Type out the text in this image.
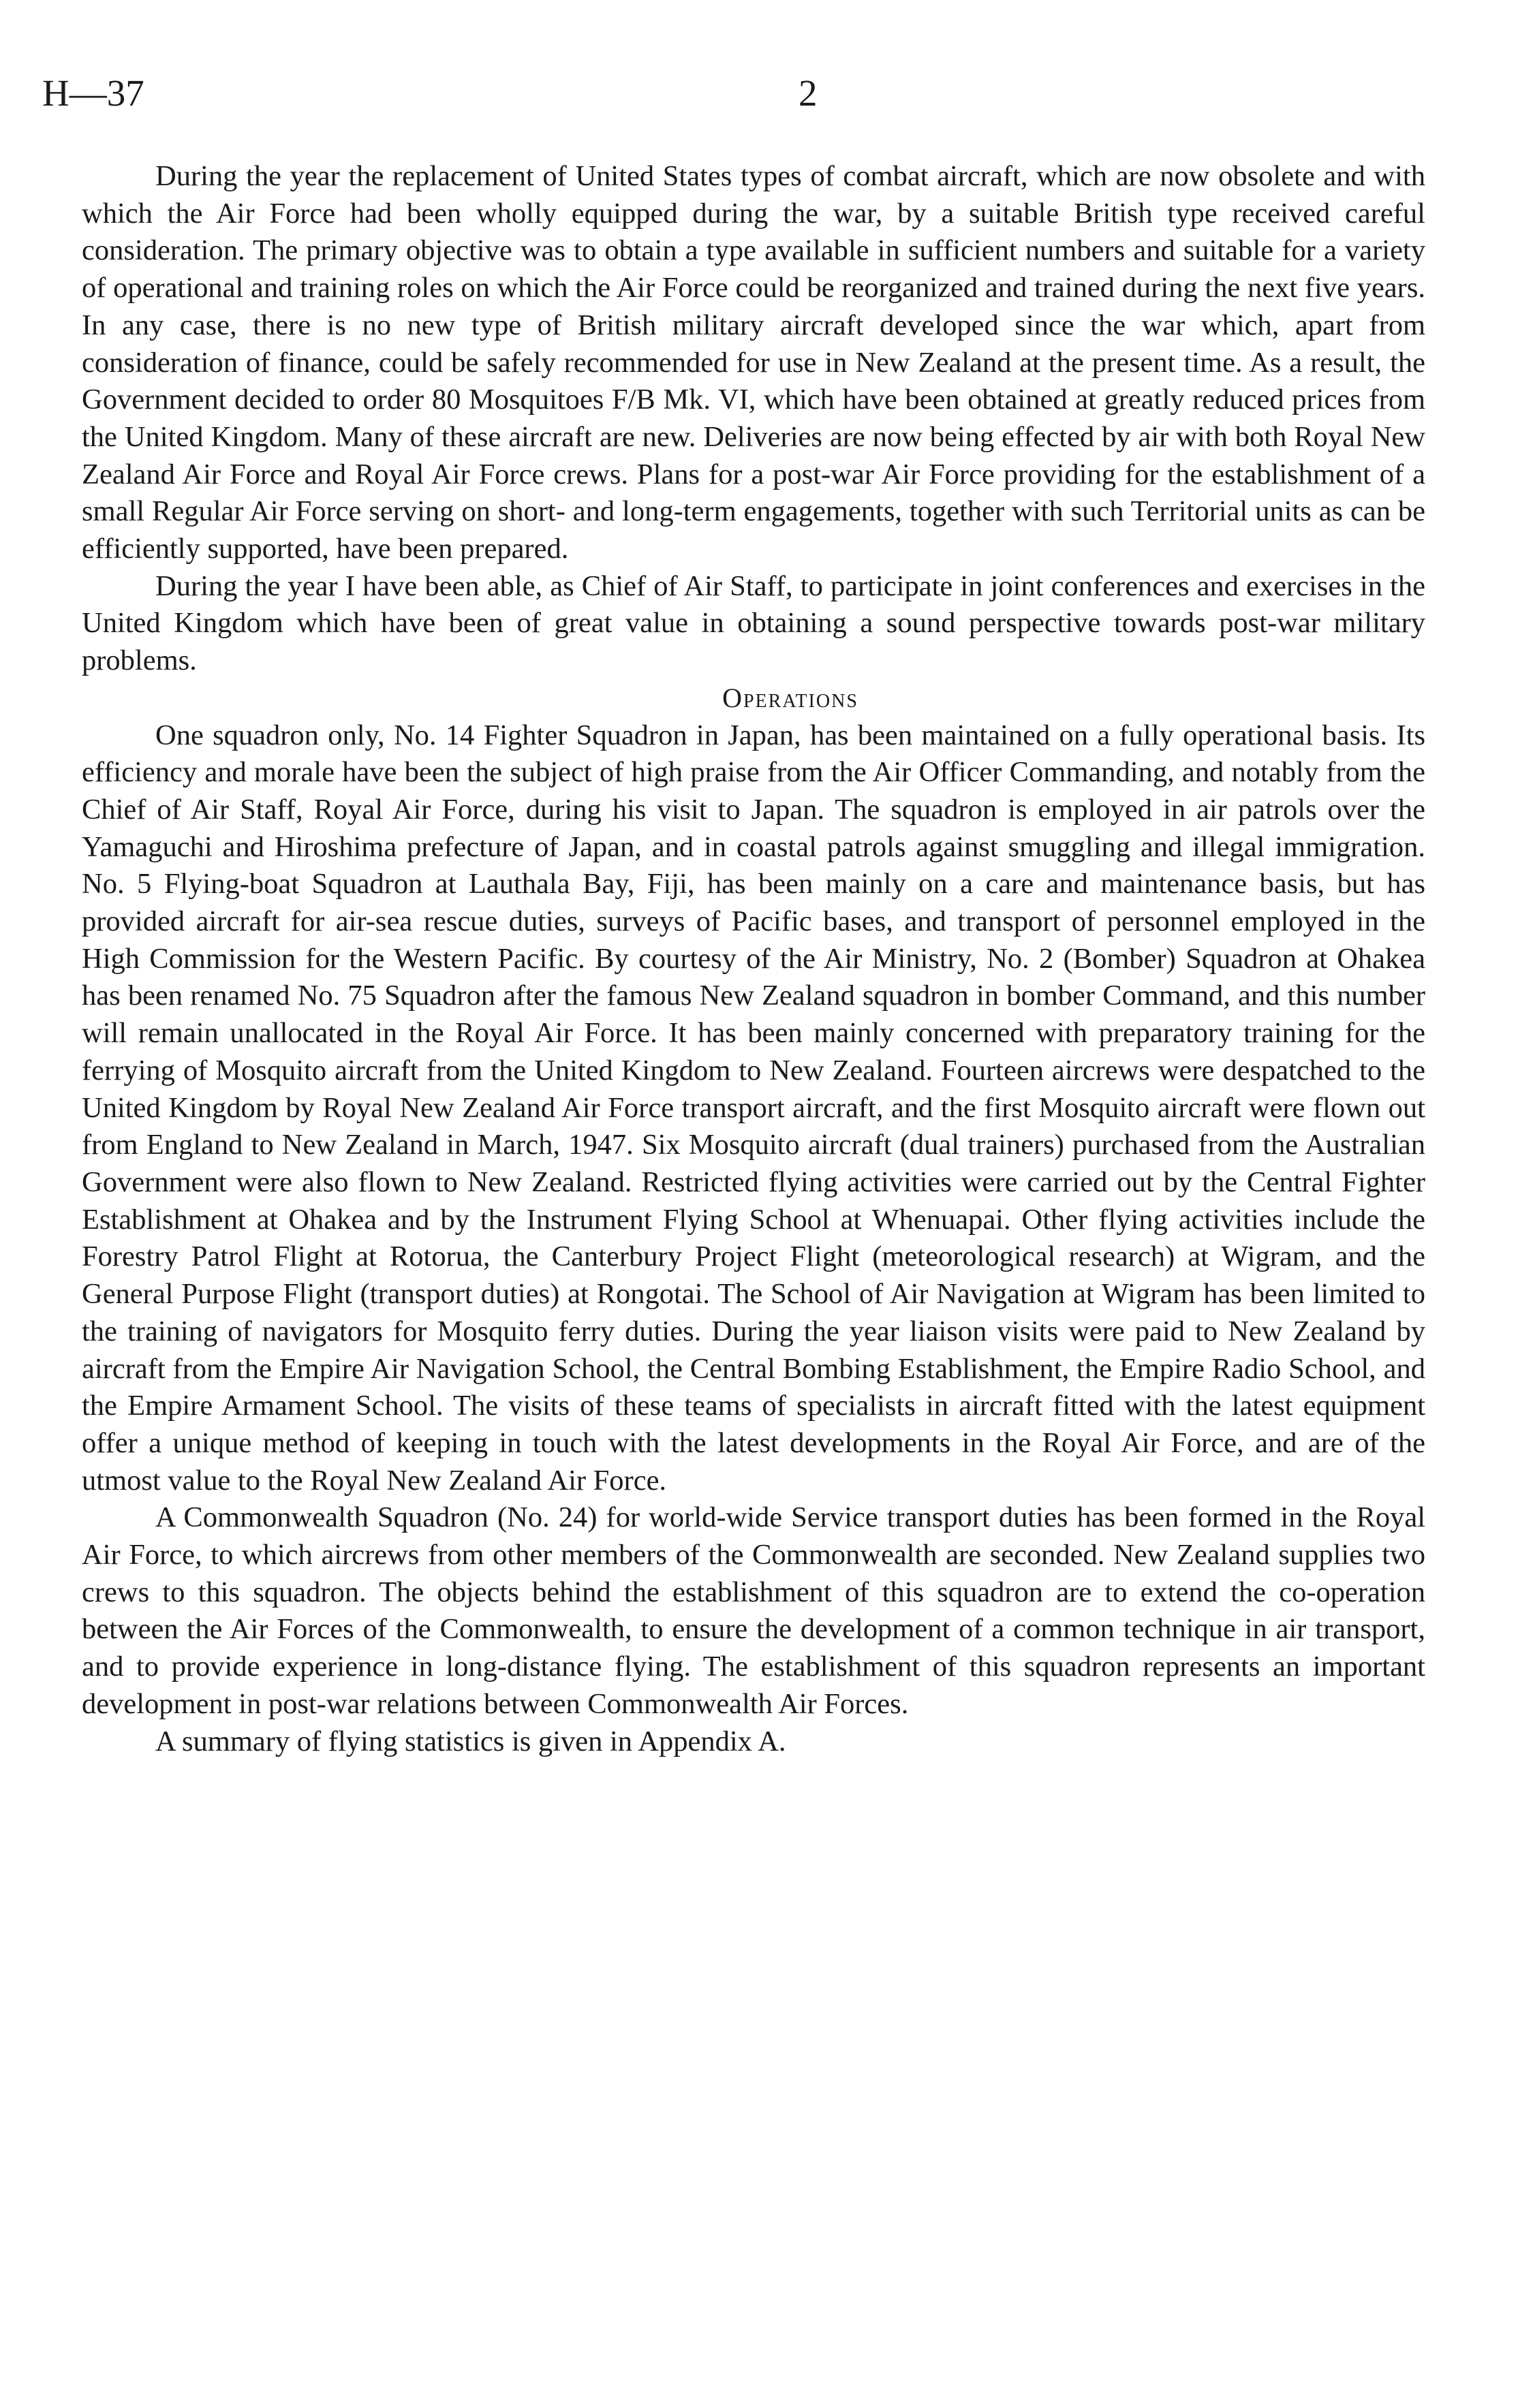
H—37	2

During the year the replacement of United States types of combat aircraft, which are now obsolete and with which the Air Force had been wholly equipped during the war, by a suitable British type received careful consideration. The primary objective was to obtain a type available in sufficient numbers and suitable for a variety of operational and training roles on which the Air Force could be reorganized and trained during the next five years. In any case, there is no new type of British military aircraft developed since the war which, apart from consideration of finance, could be safely recommended for use in New Zealand at the present time. As a result, the Government decided to order 80 Mosquitoes F/B Mk. VI, which have been obtained at greatly reduced prices from the United Kingdom. Many of these aircraft are new. Deliveries are now being effected by air with both Royal New Zealand Air Force and Royal Air Force crews. Plans for a post-war Air Force providing for the establishment of a small Regular Air Force serving on short- and long-term engagements, together with such Territorial units as can be efficiently supported, have been prepared.

During the year I have been able, as Chief of Air Staff, to participate in joint conferences and exercises in the United Kingdom which have been of great value in obtaining a sound perspective towards post-war military problems.

Operations

One squadron only, No. 14 Fighter Squadron in Japan, has been maintained on a fully operational basis. Its efficiency and morale have been the subject of high praise from the Air Officer Commanding, and notably from the Chief of Air Staff, Royal Air Force, during his visit to Japan. The squadron is employed in air patrols over the Yamaguchi and Hiroshima prefecture of Japan, and in coastal patrols against smuggling and illegal immigration. No. 5 Flying-boat Squadron at Lauthala Bay, Fiji, has been mainly on a care and maintenance basis, but has provided aircraft for air-sea rescue duties, surveys of Pacific bases, and transport of personnel employed in the High Commission for the Western Pacific. By courtesy of the Air Ministry, No. 2 (Bomber) Squadron at Ohakea has been renamed No. 75 Squadron after the famous New Zealand squadron in bomber Command, and this number will remain unallocated in the Royal Air Force. It has been mainly concerned with preparatory training for the ferrying of Mosquito aircraft from the United Kingdom to New Zealand. Fourteen aircrews were despatched to the United Kingdom by Royal New Zealand Air Force transport aircraft, and the first Mosquito aircraft were flown out from England to New Zealand in March, 1947. Six Mosquito aircraft (dual trainers) purchased from the Australian Government were also flown to New Zealand. Restricted flying activities were carried out by the Central Fighter Establishment at Ohakea and by the Instrument Flying School at Whenuapai. Other flying activities include the Forestry Patrol Flight at Rotorua, the Canterbury Project Flight (meteorological research) at Wigram, and the General Purpose Flight (transport duties) at Rongotai. The School of Air Navigation at Wigram has been limited to the training of navigators for Mosquito ferry duties. During the year liaison visits were paid to New Zealand by aircraft from the Empire Air Navigation School, the Central Bombing Establishment, the Empire Radio School, and the Empire Armament School. The visits of these teams of specialists in aircraft fitted with the latest equipment offer a unique method of keeping in touch with the latest developments in the Royal Air Force, and are of the utmost value to the Royal New Zealand Air Force.

A Commonwealth Squadron (No. 24) for world-wide Service transport duties has been formed in the Royal Air Force, to which aircrews from other members of the Commonwealth are seconded. New Zealand supplies two crews to this squadron. The objects behind the establishment of this squadron are to extend the co-operation between the Air Forces of the Commonwealth, to ensure the development of a common technique in air transport, and to provide experience in long-distance flying. The establishment of this squadron represents an important development in post-war relations between Commonwealth Air Forces.

A summary of flying statistics is given in Appendix A.
